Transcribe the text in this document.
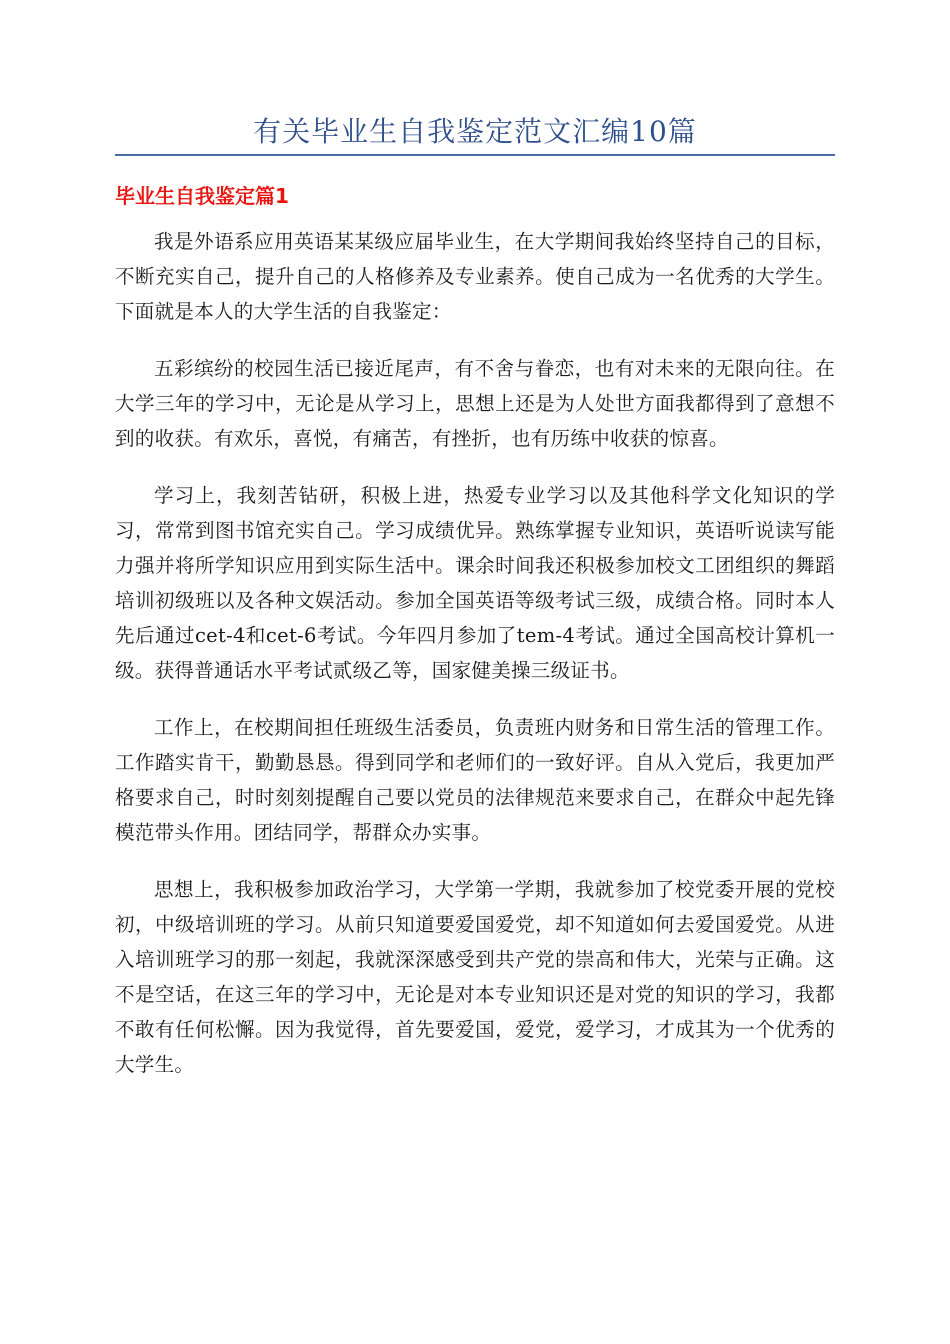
有关毕业生自我鉴定范文汇编10篇
毕业生自我鉴定篇1

我是外语系应用英语某某级应届毕业生，在大学期间我始终坚持自己的目标，不断充实自己，提升自己的人格修养及专业素养。使自己成为一名优秀的大学生。下面就是本人的大学生活的自我鉴定：

五彩缤纷的校园生活已接近尾声，有不舍与眷恋，也有对未来的无限向往。在大学三年的学习中，无论是从学习上，思想上还是为人处世方面我都得到了意想不到的收获。有欢乐，喜悦，有痛苦，有挫折，也有历练中收获的惊喜。

学习上，我刻苦钻研，积极上进，热爱专业学习以及其他科学文化知识的学习，常常到图书馆充实自己。学习成绩优异。熟练掌握专业知识，英语听说读写能力强并将所学知识应用到实际生活中。课余时间我还积极参加校文工团组织的舞蹈培训初级班以及各种文娱活动。参加全国英语等级考试三级，成绩合格。同时本人先后通过cet-4和cet-6考试。今年四月参加了tem-4考试。通过全国高校计算机一级。获得普通话水平考试贰级乙等，国家健美操三级证书。

工作上，在校期间担任班级生活委员，负责班内财务和日常生活的管理工作。工作踏实肯干，勤勤恳恳。得到同学和老师们的一致好评。自从入党后，我更加严格要求自己，时时刻刻提醒自己要以党员的法律规范来要求自己，在群众中起先锋模范带头作用。团结同学，帮群众办实事。

思想上，我积极参加政治学习，大学第一学期，我就参加了校党委开展的党校初，中级培训班的学习。从前只知道要爱国爱党，却不知道如何去爱国爱党。从进入培训班学习的那一刻起，我就深深感受到共产党的崇高和伟大，光荣与正确。这不是空话，在这三年的学习中，无论是对本专业知识还是对党的知识的学习，我都不敢有任何松懈。因为我觉得，首先要爱国，爱党，爱学习，才成其为一个优秀的大学生。
